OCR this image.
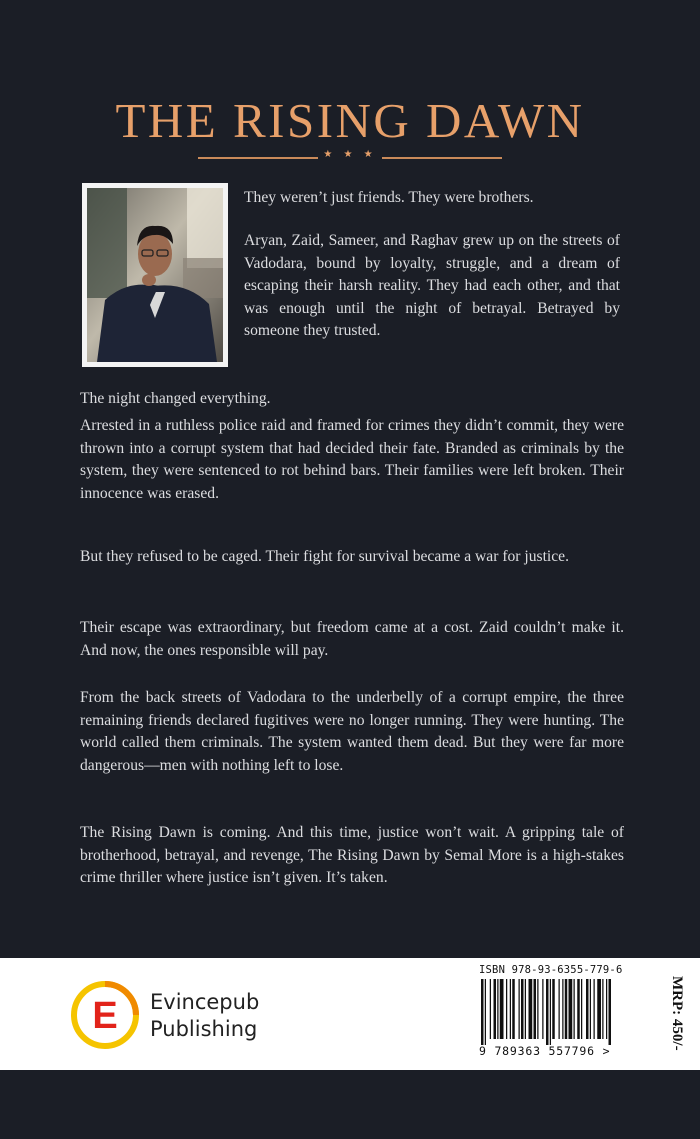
THE RISING DAWN
★ ★ ★

They weren’t just friends. They were brothers.

Aryan, Zaid, Sameer, and Raghav grew up on the streets of Vadodara, bound by loyalty, struggle, and a dream of escaping their harsh reality. They had each other, and that was enough until the night of betrayal. Betrayed by someone they trusted.

The night changed everything.

Arrested in a ruthless police raid and framed for crimes they didn’t commit, they were thrown into a corrupt system that had decided their fate. Branded as criminals by the system, they were sentenced to rot behind bars. Their families were left broken. Their innocence was erased.

But they refused to be caged. Their fight for survival became a war for justice.

Their escape was extraordinary, but freedom came at a cost. Zaid couldn’t make it. And now, the ones responsible will pay.

From the back streets of Vadodara to the underbelly of a corrupt empire, the three remaining friends declared fugitives were no longer running. They were hunting. The world called them criminals. The system wanted them dead. But they were far more dangerous—men with nothing left to lose.

The Rising Dawn is coming. And this time, justice won’t wait. A gripping tale of brotherhood, betrayal, and revenge, The Rising Dawn by Semal More is a high-stakes crime thriller where justice isn’t given. It’s taken.

E Evincepub
Publishing
ISBN 978-93-6355-779-6
9 789363 557796 >
MRP: 450/-
